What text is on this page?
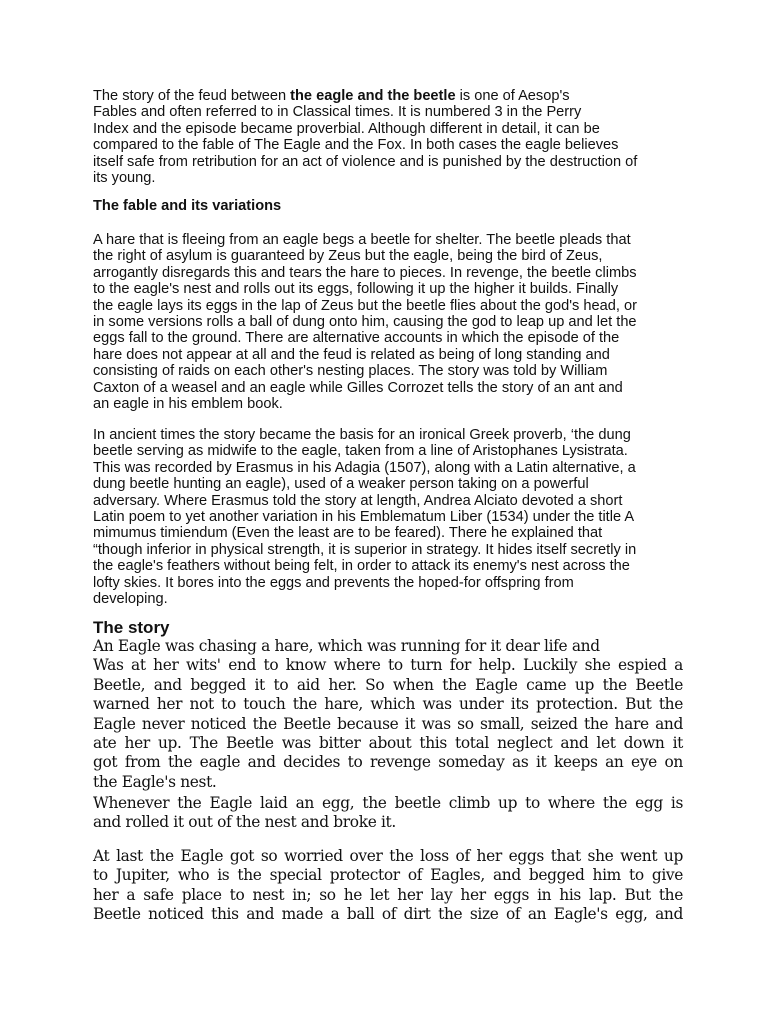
The story of the feud between the eagle and the beetle is one of Aesop's
Fables and often referred to in Classical times. It is numbered 3 in the Perry
Index and the episode became proverbial. Although different in detail, it can be
compared to the fable of The Eagle and the Fox. In both cases the eagle believes
itself safe from retribution for an act of violence and is punished by the destruction of
its young.
The fable and its variations
A hare that is fleeing from an eagle begs a beetle for shelter. The beetle pleads that
the right of asylum is guaranteed by Zeus but the eagle, being the bird of Zeus,
arrogantly disregards this and tears the hare to pieces. In revenge, the beetle climbs
to the eagle's nest and rolls out its eggs, following it up the higher it builds. Finally
the eagle lays its eggs in the lap of Zeus but the beetle flies about the god's head, or
in some versions rolls a ball of dung onto him, causing the god to leap up and let the
eggs fall to the ground. There are alternative accounts in which the episode of the
hare does not appear at all and the feud is related as being of long standing and
consisting of raids on each other's nesting places. The story was told by William
Caxton of a weasel and an eagle while Gilles Corrozet tells the story of an ant and
an eagle in his emblem book.
In ancient times the story became the basis for an ironical Greek proverb, ‘the dung
beetle serving as midwife to the eagle, taken from a line of Aristophanes Lysistrata.
This was recorded by Erasmus in his Adagia (1507), along with a Latin alternative, a
dung beetle hunting an eagle), used of a weaker person taking on a powerful
adversary. Where Erasmus told the story at length, Andrea Alciato devoted a short
Latin poem to yet another variation in his Emblematum Liber (1534) under the title A
mimumus timiendum (Even the least are to be feared). There he explained that
“though inferior in physical strength, it is superior in strategy. It hides itself secretly in
the eagle's feathers without being felt, in order to attack its enemy's nest across the
lofty skies. It bores into the eggs and prevents the hoped-for offspring from
developing.
The story
An Eagle was chasing a hare, which was running for it dear life and
Was at her wits' end to know where to turn for help. Luckily she espied a
Beetle, and begged it to aid her. So when the Eagle came up the Beetle
warned her not to touch the hare, which was under its protection. But the
Eagle never noticed the Beetle because it was so small, seized the hare and
ate her up. The Beetle was bitter about this total neglect and let down it
got from the eagle and decides to revenge someday as it keeps an eye on
the Eagle's nest.
Whenever the Eagle laid an egg, the beetle climb up to where the egg is
and rolled it out of the nest and broke it.
At last the Eagle got so worried over the loss of her eggs that she went up
to Jupiter, who is the special protector of Eagles, and begged him to give
her a safe place to nest in; so he let her lay her eggs in his lap. But the
Beetle noticed this and made a ball of dirt the size of an Eagle's egg, and
